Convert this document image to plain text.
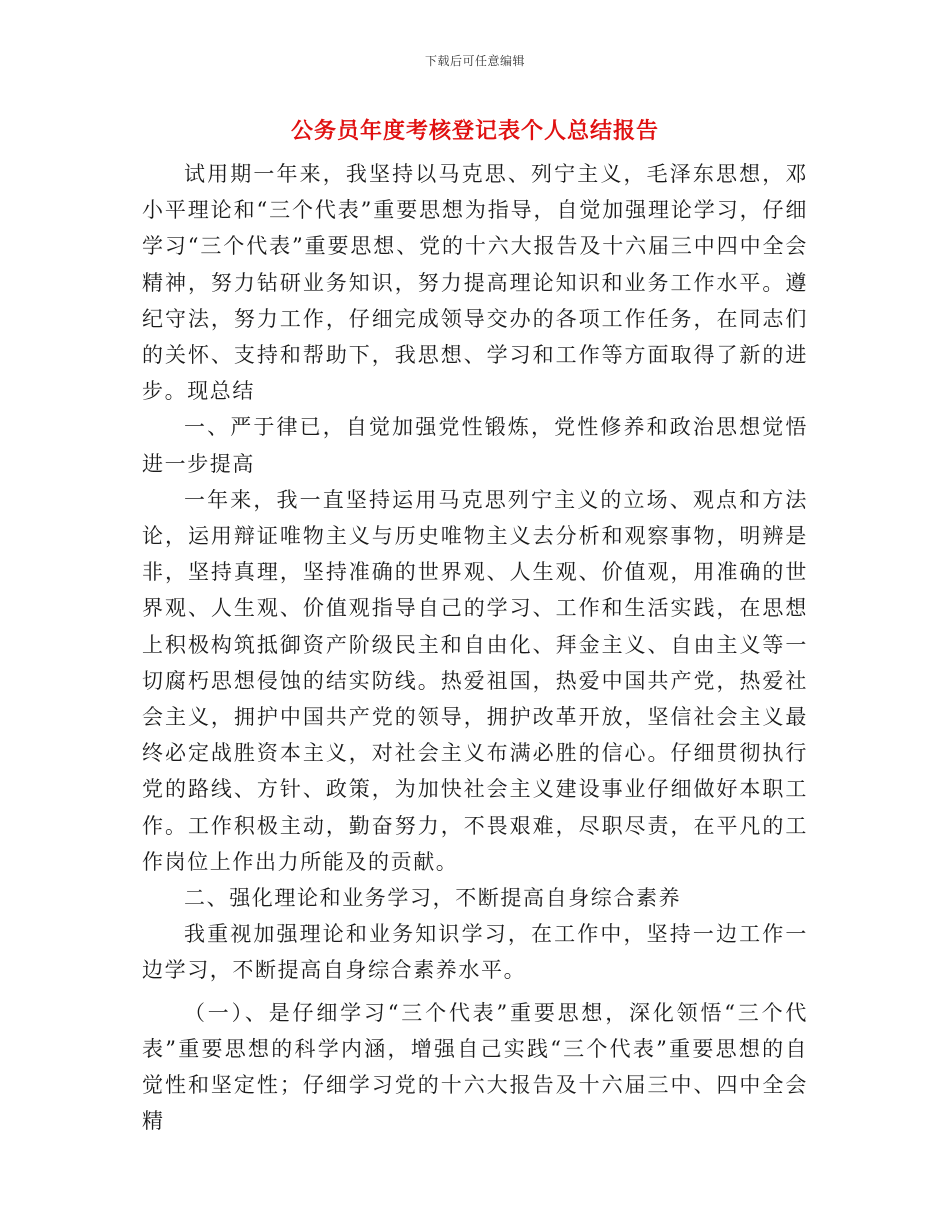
下载后可任意编辑
公务员年度考核登记表个人总结报告

试用期一年来，我坚持以马克思、列宁主义，毛泽东思想，邓小平理论和“三个代表”重要思想为指导，自觉加强理论学习，仔细学习“三个代表”重要思想、党的十六大报告及十六届三中四中全会精神，努力钻研业务知识，努力提高理论知识和业务工作水平。遵纪守法，努力工作，仔细完成领导交办的各项工作任务，在同志们的关怀、支持和帮助下，我思想、学习和工作等方面取得了新的进步。现总结

一、严于律已，自觉加强党性锻炼，党性修养和政治思想觉悟进一步提高

一年来，我一直坚持运用马克思列宁主义的立场、观点和方法论，运用辩证唯物主义与历史唯物主义去分析和观察事物，明辨是非，坚持真理，坚持准确的世界观、人生观、价值观，用准确的世界观、人生观、价值观指导自己的学习、工作和生活实践，在思想上积极构筑抵御资产阶级民主和自由化、拜金主义、自由主义等一切腐朽思想侵蚀的结实防线。热爱祖国，热爱中国共产党，热爱社会主义，拥护中国共产党的领导，拥护改革开放，坚信社会主义最终必定战胜资本主义，对社会主义布满必胜的信心。仔细贯彻执行党的路线、方针、政策，为加快社会主义建设事业仔细做好本职工作。工作积极主动，勤奋努力，不畏艰难，尽职尽责，在平凡的工作岗位上作出力所能及的贡献。

二、强化理论和业务学习，不断提高自身综合素养

我重视加强理论和业务知识学习，在工作中，坚持一边工作一边学习，不断提高自身综合素养水平。

（一）、是仔细学习“三个代表”重要思想，深化领悟“三个代表”重要思想的科学内涵，增强自己实践“三个代表”重要思想的自觉性和坚定性；仔细学习党的十六大报告及十六届三中、四中全会精
